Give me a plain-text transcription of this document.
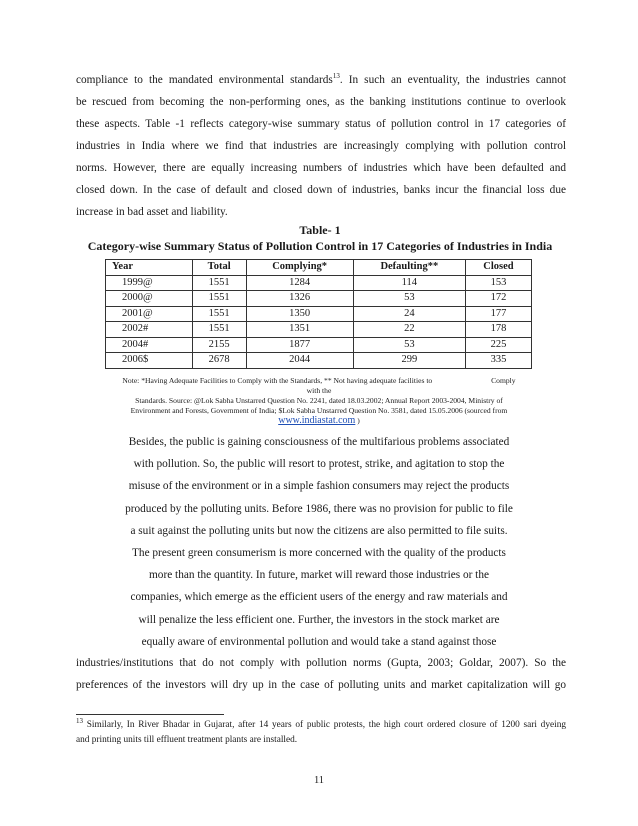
compliance to the mandated environmental standards$^{13}$. In such an eventuality, the industries cannot
be rescued from becoming the non-performing ones, as the banking institutions continue to overlook
these aspects. Table -1 reflects category-wise summary status of pollution control in 17 categories of
industries in India where we find that industries are increasingly complying with pollution control
norms. However, there are equally increasing numbers of industries which have been defaulted and
closed down. In the case of default and closed down of industries, banks incur the financial loss due
increase in bad asset and liability.
Table- 1
Category-wise Summary Status of Pollution Control in 17 Categories of Industries in India
Year	Total	Complying*	Defaulting**	Closed
1999@	1551	1284	114	153
2000@	1551	1326	53	172
2001@	1551	1350	24	177
2002#	1551	1351	22	178
2004#	2155	1877	53	225
2006$	2678	2044	299	335
Note: *Having Adequate Facilities to Comply with the Standards, ** Not having adequate facilities to                               Comply
with the
Standards. Source: @Lok Sabha Unstarred Question No. 2241, dated 18.03.2002; Annual Report 2003-2004, Ministry of
Environment and Forests, Government of India; $Lok Sabha Unstarred Question No. 3581, dated 15.05.2006 (sourced from
www.indiastat.com )
Besides, the public is gaining consciousness of the multifarious problems associated
with pollution. So, the public will resort to protest, strike, and agitation to stop the
misuse of the environment or in a simple fashion consumers may reject the products
produced by the polluting units. Before 1986, there was no provision for public to file
a suit against the polluting units but now the citizens are also permitted to file suits.
The present green consumerism is more concerned with the quality of the products
more than the quantity. In future, market will reward those industries or the
companies, which emerge as the efficient users of the energy and raw materials and
will penalize the less efficient one. Further, the investors in the stock market are
equally aware of environmental pollution and would take a stand against those
industries/institutions that do not comply with pollution norms (Gupta, 2003; Goldar, 2007). So the
preferences of the investors will dry up in the case of polluting units and market capitalization will go
$^{13}$ Similarly, In River Bhadar in Gujarat, after 14 years of public protests, the high court ordered closure of 1200 sari dyeing
and printing units till effluent treatment plants are installed.
11
